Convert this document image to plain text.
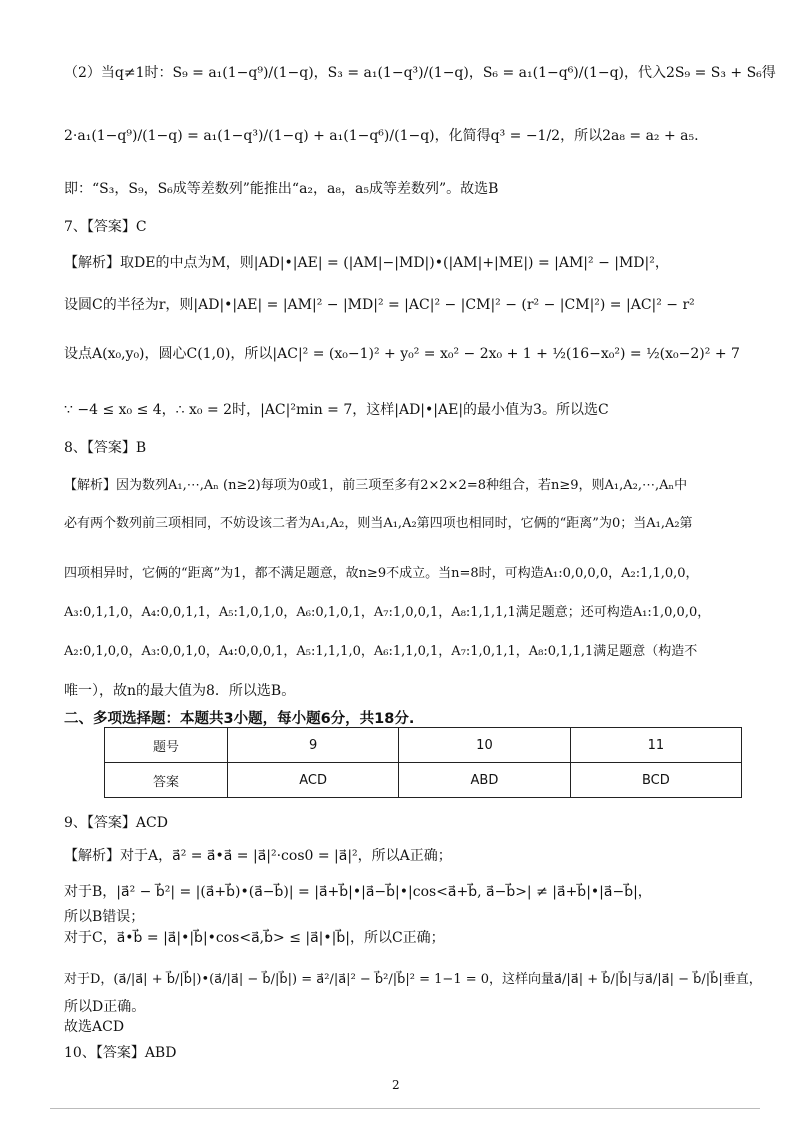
（2）当q≠1时：S₉ = a₁(1−q⁹)/(1−q)，S₃ = a₁(1−q³)/(1−q)，S₆ = a₁(1−q⁶)/(1−q)，代入2S₉ = S₃ + S₆得
2·a₁(1−q⁹)/(1−q) = a₁(1−q³)/(1−q) + a₁(1−q⁶)/(1−q)，化简得q³ = −1/2，所以2a₈ = a₂ + a₅.
即：“S₃，S₉，S₆成等差数列”能推出“a₂，a₈，a₅成等差数列”。故选B
7、【答案】C
【解析】取DE的中点为M，则|AD|•|AE| = (|AM|−|MD|)•(|AM|+|ME|) = |AM|² − |MD|²，
设圆C的半径为r，则|AD|•|AE| = |AM|² − |MD|² = |AC|² − |CM|² − (r² − |CM|²) = |AC|² − r²
设点A(x₀,y₀)，圆心C(1,0)，所以|AC|² = (x₀−1)² + y₀² = x₀² − 2x₀ + 1 + ½(16−x₀²) = ½(x₀−2)² + 7
∵ −4 ≤ x₀ ≤ 4，∴ x₀ = 2时，|AC|²min = 7，这样|AD|•|AE|的最小值为3。所以选C
8、【答案】B
【解析】因为数列A₁,⋯,Aₙ (n≥2)每项为0或1，前三项至多有2×2×2=8种组合，若n≥9，则A₁,A₂,⋯,Aₙ中
必有两个数列前三项相同，不妨设该二者为A₁,A₂，则当A₁,A₂第四项也相同时，它俩的“距离”为0；当A₁,A₂第
四项相异时，它俩的“距离”为1，都不满足题意，故n≥9不成立。当n=8时，可构造A₁:0,0,0,0，A₂:1,1,0,0，
A₃:0,1,1,0，A₄:0,0,1,1，A₅:1,0,1,0，A₆:0,1,0,1，A₇:1,0,0,1，A₈:1,1,1,1满足题意；还可构造A₁:1,0,0,0，
A₂:0,1,0,0，A₃:0,0,1,0，A₄:0,0,0,1，A₅:1,1,1,0，A₆:1,1,0,1，A₇:1,0,1,1，A₈:0,1,1,1满足题意（构造不
唯一），故n的最大值为8．所以选B。
二、多项选择题：本题共3小题，每小题6分，共18分.
题号	9	10	11
答案	ACD	ABD	BCD
9、【答案】ACD
【解析】对于A，a⃗² = a⃗•a⃗ = |a⃗|²·cos0 = |a⃗|²，所以A正确；
对于B，|a⃗² − b⃗²| = |(a⃗+b⃗)•(a⃗−b⃗)| = |a⃗+b⃗|•|a⃗−b⃗|•|cos<a⃗+b⃗, a⃗−b⃗>| ≠ |a⃗+b⃗|•|a⃗−b⃗|，
所以B错误；
对于C，a⃗•b⃗ = |a⃗|•|b⃗|•cos<a⃗,b⃗> ≤ |a⃗|•|b⃗|，所以C正确；
对于D，(a⃗/|a⃗| + b⃗/|b⃗|)•(a⃗/|a⃗| − b⃗/|b⃗|) = a⃗²/|a⃗|² − b⃗²/|b⃗|² = 1−1 = 0，这样向量a⃗/|a⃗| + b⃗/|b⃗|与a⃗/|a⃗| − b⃗/|b⃗|垂直，
所以D正确。
故选ACD
10、【答案】ABD
2
